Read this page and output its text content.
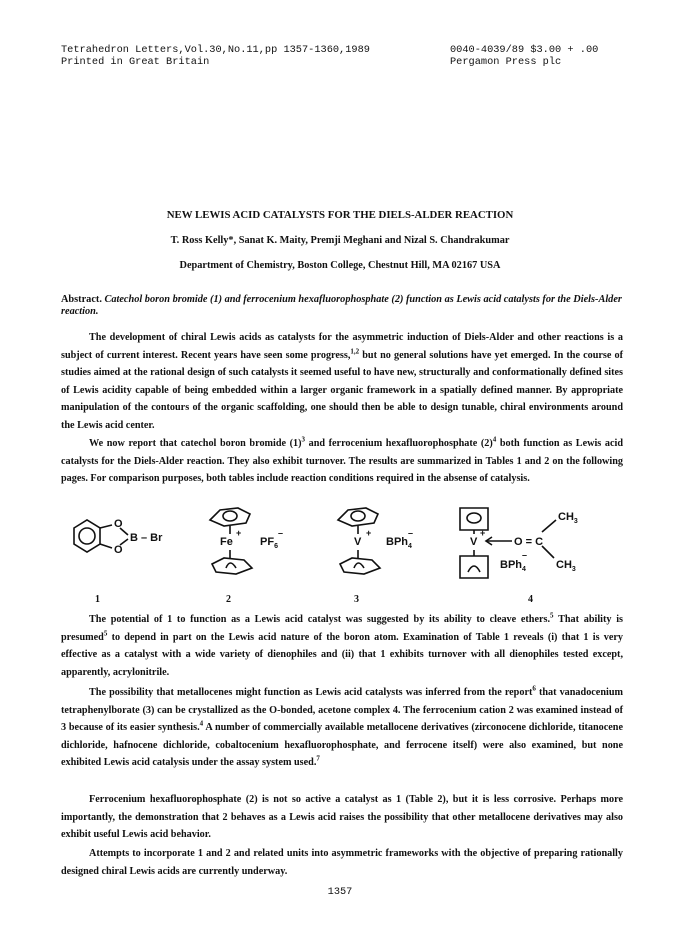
Tetrahedron Letters,Vol.30,No.11,pp 1357-1360,1989
Printed in Great Britain
0040-4039/89 $3.00 + .00
Pergamon Press plc
NEW LEWIS ACID CATALYSTS FOR THE DIELS-ALDER REACTION
T. Ross Kelly*, Sanat K. Maity, Premji Meghani and Nizal S. Chandrakumar
Department of Chemistry, Boston College, Chestnut Hill, MA 02167 USA
Abstract. Catechol boron bromide (1) and ferrocenium hexafluorophosphate (2) function as Lewis acid catalysts for the Diels-Alder reaction.
The development of chiral Lewis acids as catalysts for the asymmetric induction of Diels-Alder and other reactions is a subject of current interest. Recent years have seen some progress,$^{1,2}$ but no general solutions have yet emerged. In the course of studies aimed at the rational design of such catalysts it seemed useful to have new, structurally and conformationally defined sites of Lewis acidity capable of being embedded within a larger organic framework in a spatially defined manner. By appropriate manipulation of the contours of the organic scaffolding, one should then be able to design tunable, chiral environments around the Lewis acid center.
We now report that catechol boron bromide $(1)^3$ and ferrocenium hexafluorophosphate $(2)^4$ both function as Lewis acid catalysts for the Diels-Alder reaction. They also exhibit turnover. The results are summarized in Tables 1 and 2 on the following pages. For comparison purposes, both tables include reaction conditions required in the absense of catalysis.
O
O
B – Br	Fe
+
$PF_6$
–
V
+
BPh$_4$
–
V
+
O = C
$CH_3$
$CH_3$
BPh$_4$
–
1	2	3	4
The potential of 1 to function as a Lewis acid catalyst was suggested by its ability to cleave ethers.$^5$ That ability is presumed$^5$ to depend in part on the Lewis acid nature of the boron atom. Examination of Table 1 reveals (i) that 1 is very effective as a catalyst with a wide variety of dienophiles and (ii) that 1 exhibits turnover with all dienophiles tested except, apparently, acrylonitrile.
The possibility that metallocenes might function as Lewis acid catalysts was inferred from the report$^6$ that vanadocenium tetraphenylborate (3) can be crystallized as the O-bonded, acetone complex 4. The ferrocenium cation 2 was examined instead of 3 because of its easier synthesis.$^4$ A number of commercially available metallocene derivatives (zirconocene dichloride, titanocene dichloride, hafnocene dichloride, cobaltocenium hexafluorophosphate, and ferrocene itself) were also examined, but none exhibited Lewis acid catalysis under the assay system used.$^7$
Ferrocenium hexafluorophosphate (2) is not so active a catalyst as 1 (Table 2), but it is less corrosive. Perhaps more importantly, the demonstration that 2 behaves as a Lewis acid raises the possibility that other metallocene derivatives may also exhibit useful Lewis acid behavior.
Attempts to incorporate 1 and 2 and related units into asymmetric frameworks with the objective of preparing rationally designed chiral Lewis acids are currently underway.
1357
